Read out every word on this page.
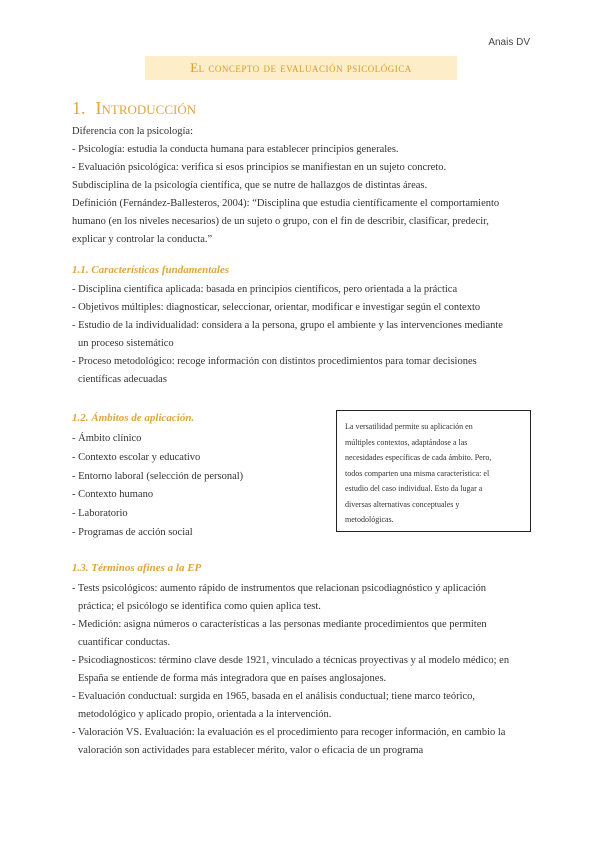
Anais DV
El concepto de evaluación psicológica
1. Introducción
Diferencia con la psicología:
- Psicología: estudia la conducta humana para establecer principios generales.
- Evaluación psicológica: verifica si esos principios se manifiestan en un sujeto concreto.
Subdisciplina de la psicología científica, que se nutre de hallazgos de distintas áreas.
Definición (Fernández-Ballesteros, 2004): “Disciplina que estudia científicamente el comportamiento
humano (en los niveles necesarios) de un sujeto o grupo, con el fin de describir, clasificar, predecir,
explicar y controlar la conducta.”
1.1. Características fundamentales
- Disciplina científica aplicada: basada en principios científicos, pero orientada a la práctica
- Objetivos múltiples: diagnosticar, seleccionar, orientar, modificar e investigar según el contexto
- Estudio de la individualidad: considera a la persona, grupo el ambiente y las intervenciones mediante
un proceso sistemático
- Proceso metodológico: recoge información con distintos procedimientos para tomar decisiones
científicas adecuadas
1.2. Ámbitos de aplicación.
- Ámbito clínico
- Contexto escolar y educativo
- Entorno laboral (selección de personal)
- Contexto humano
- Laboratorio
- Programas de acción social
La versatilidad permite su aplicación en
múltiples contextos, adaptándose a las
necesidades específicas de cada ámbito. Pero,
todos comparten una misma característica: el
estudio del caso individual. Esto da lugar a
diversas alternativas conceptuales y
metodológicas.
1.3. Términos afines a la EP
- Tests psicológicos: aumento rápido de instrumentos que relacionan psicodiagnóstico y aplicación
práctica; el psicólogo se identifica como quien aplica test.
- Medición: asigna números o características a las personas mediante procedimientos que permiten
cuantificar conductas.
- Psicodiagnosticos: término clave desde 1921, vinculado a técnicas proyectivas y al modelo médico; en
España se entiende de forma más integradora que en países anglosajones.
- Evaluación conductual: surgida en 1965, basada en el análisis conductual; tiene marco teórico,
metodológico y aplicado propio, orientada a la intervención.
- Valoración VS. Evaluación: la evaluación es el procedimiento para recoger información, en cambio la
valoración son actividades para establecer mérito, valor o eficacia de un programa
